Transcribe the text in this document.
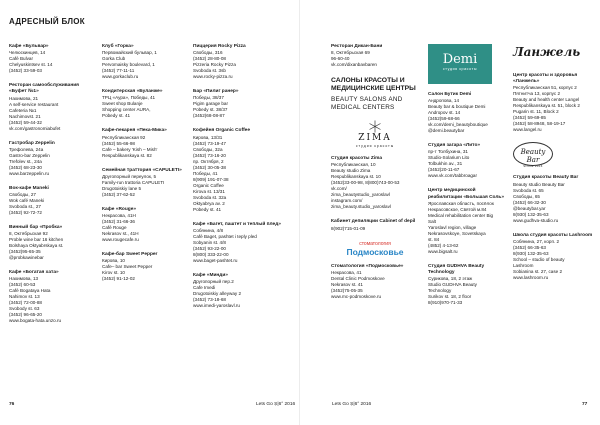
АДРЕСНЫЙ БЛОК
Кафе «Бульвар»
Челюскинцев, 14
Café Bulvar
Chelyuskintsev st. 14
(3452) 33-59-03
Ресторан самообслуживания «Буфет №1»
Нахимова, 21
A self-service restaurant
Cafeteria №1
Nachimovst. 21
(3452) 59-44-32
vk.com/gastronomiabufet
Гастробар Zeppelin
Трефолева, 24а
Gastro-bar Zeppelin
Trefolev st., 24a
(3452) 68-23-30
www.barzeppelin.ru
Вок-кафе Maneki
Свободы, 27
Wok café Maneki
Svoboda st., 27
(3452) 92-72-72
Винный бар «Пробка»
8, Октябрьская 92
Proble wine bar 16 kitchen
Bolshaya Oktyabrskaya st.
(3452)95-65-35
@probkawinebar
Кафе «Богатая хата»
Нахимова, 13
(3452) 60-53
Café Bogataya Hata
Nahimov st. 13
(3452) 72-00-88
Svobody st. 63
(3452) 96-65-20
www.bogata-hata.unzo.ru
Клуб «Горка»
Первомайский бульвар, 1
Gorka Club
Pervomaisky boulevard, 1
(3452) 77-11-11
www.gorkaclub.ru
Кондитерская «Буланже»
ТРЦ «Аура», Победы, 41
Sweet shop Bulanje
Shopping center AURA,
Pobedy st. 41
Кафе-пекарня «Пека-Мика»
Республиканская 92
(3452) 55-66-98
Cafe – bakery 'Kish – Mish'
Respublikanskaya st. 82
Семейная траттория «CAPULETI»
Другопорный переулок, 5
Family-run trattoria CAPULETI
Drugotoiskiy lane 5
(3452) 37-62-52
Кафе «Rouge»
Некрасова, 41Н
(3452) 31-66-36
Café Rouge
Nekrasov st., 41H
www.rougecafe.ru
Кафе-бар Sweet Pepper
Кирова, 10
Cafe– bar Sweet Pepper
Kirov st. 10
(3452) 91-12-02
Пиццерия Rocky Pizza
Свободы, 316
(3452) 28-80-08
Pizzeria Rocky Pizza
Svoboda st. 3sb
www.rocky-pizza.ru
Бар «Пилиг ранер»
Победы, 38/37
Pigim garage bar
Pobedy st. 38/37
(3452)68-08-87
Кофейня Organic Coffee
Кирова, 13/31
(3452) 73-19-47
Свободы, 32а
(3452) 73-16-20
пр. Октября, 2
(3452) 30-05-38
Победы, 41
8(909) 191-07-38
Organic Coffee
Kirova st. 13/31
Svoboda st. 32a
Oktyabrya av. 2
Pobedy st. 41
Кафе «Багет, паштет и теплый плед»
Собянина, 4/8
Café Baget, pashtet i teply pled
Sobyanin st. 4/8
(3452) 93-22-00
8(800) 333-22-00
www.baget-pashtet.ru
Кафе «Минди»
Другопорный пер.2
Cafe Imedi
Drugotoiskiy alleyway 2
(3452) 73-18-68
www.imedi-yaroslavl.ru
76	Lets Go Ṣ|6° 2016
Ресторан Дикан-Бани
8, Октябрьская 69
96-60-40
vk.com/dixanbavbaren
САЛОНЫ КРАСОТЫ И МЕДИЦИНСКИЕ ЦЕНТРЫ
BEAUTY SALONS AND MEDICAL CENTERS
ZIMA
студия красоты
Студия красоты Zima
Республиканская, 10
Beauty studio Zima
Respublikanskaya st. 10
(3452)33-00-98, 8(800)743-00-53
vk.com/
zima_beautystudio_yaroslavl
instagram.com/
zima_beauty.studio_yaroslavl
Кабинет депиляции Cabinet of depil
8(902)715-01-09
стоматология
Подмосковье
Стоматология «Подмосковье»
Некрасова, 41
Dental Clinic Podmoskove
Nekrasov st. 41
(3452)75-05-35
www.mc-podmoskove.ru
Demi
студия красоты
Салон Бутик Demi
Андропова, 14
Beauty bar & boutique Demi
Andropov st. 14
(3452)59-68-66
vk.com/demi_beautyboutique
@demi.beautybar
Студия загара «Лито»
пр-т Толбухина, 31
Studio-Solarium Lito
Tolbukhin av., 31
(3452)20-11-67
www.vk.com/tabbroagar
Центр медицинской реабилитации «Большая Соль»
Ярославская область, посёлок
Некрасовское, Святой м.84
Medical rehabilitation center Big
Salt
Yaroslavl region, village
Nekrasovskoye, Sovetskaya
st. 84
(4852) 4-13-62
www.bigsalt.ru
Студия GUDHVA Beauty Technology
Сурикова, 18, 2 этаж
Studio GUDHVA Beauty
Technology
Surikov st. 18, 2 floor
8(910)970-71-33
Ланжель
Центр красоты и здоровья «Ланжель»
Республиканская 51, корпус 2
Пятнитча 13, корпус 2
Beauty and health center Langel
Respublikanskaya st. 51, block 2
Pugarin st. 11, Block 2
(3452) 59-69-85
(3452) 58-8948, 58-19-17
www.langel.ru
Beauty Bar
SINCE 2016
Студия красоты Beauty Bar
Beauty studio Beauty Bar
Svoboda st. 65
Свободы, 65
(3452) 66-32-30
@beautybar.yar
8(930) 132-35-63
www.gudhva-studio.ru
Школа студия красоты Lashroom
Собянина, 27, корп. 2
(3452) 66-35-63
8(930) 132-35-63
School – studio of beauty
Lashroom
Sobianina st. 27, case 2
www.lashroom.ru
Lets Go Ṣ|6° 2016	77
